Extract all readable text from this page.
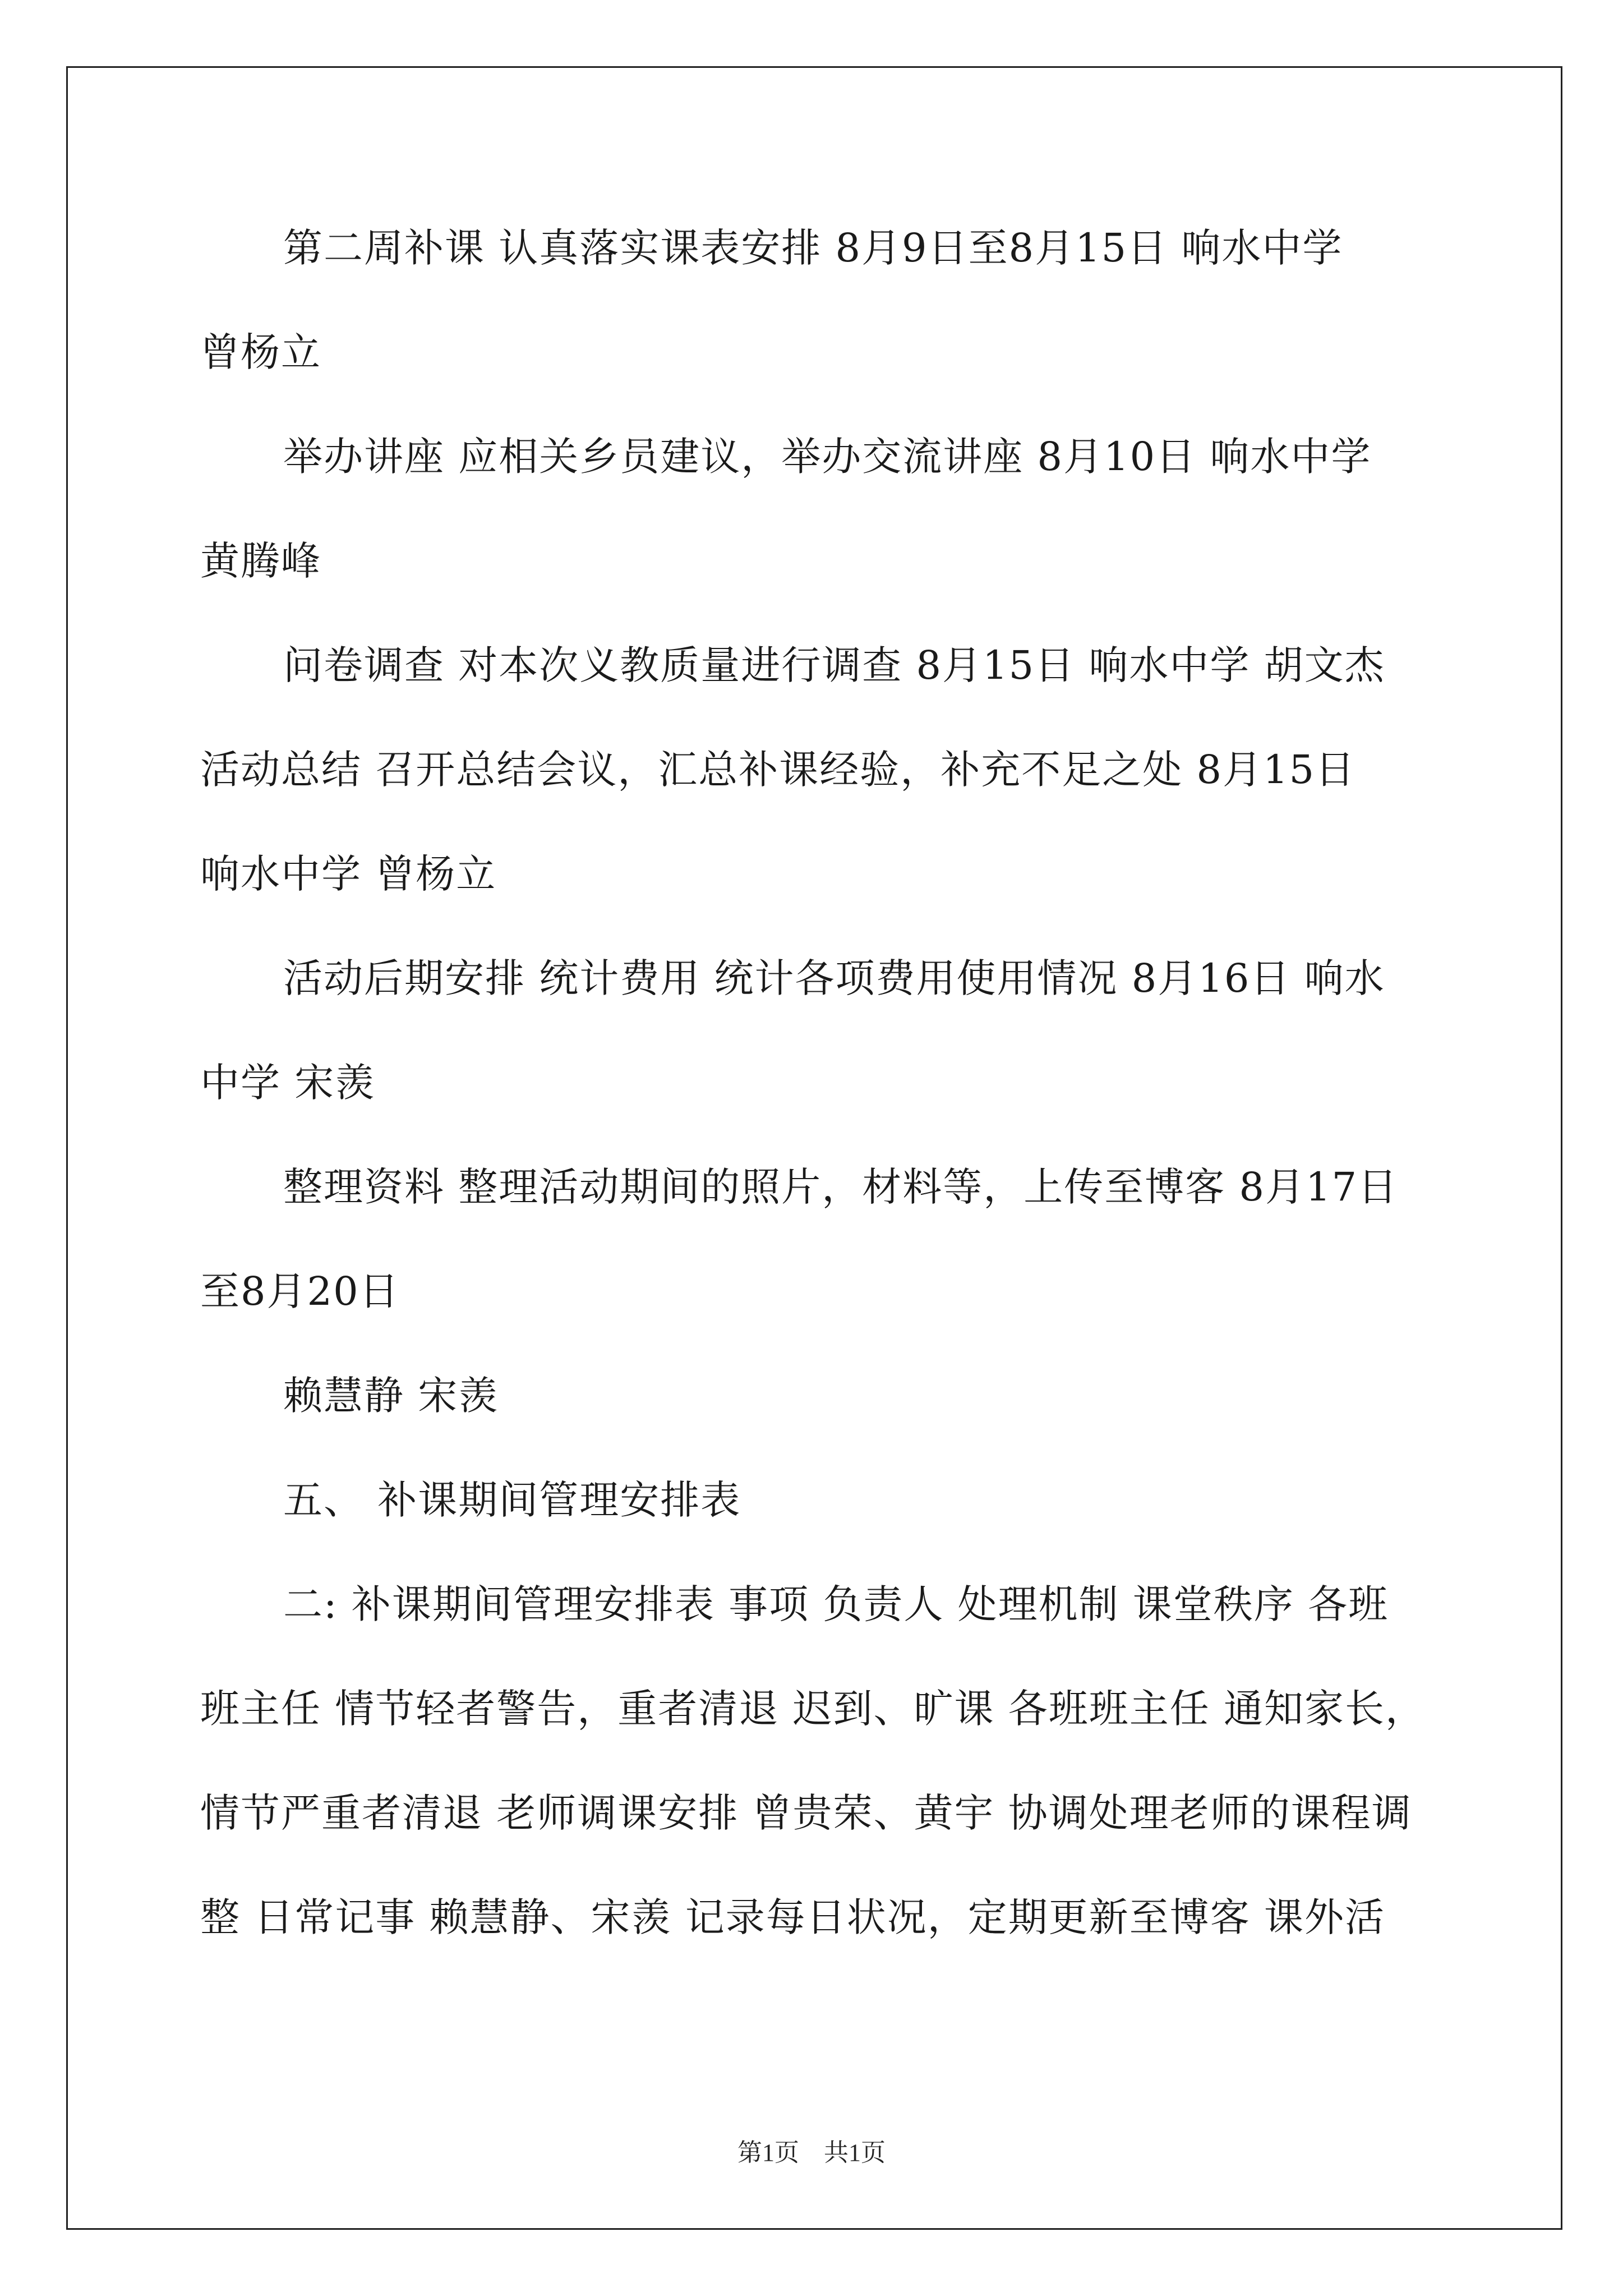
第二周补课 认真落实课表安排 8月9日至8月15日 响水中学
曾杨立
举办讲座 应相关乡员建议，举办交流讲座 8月10日 响水中学
黄腾峰
问卷调查 对本次义教质量进行调查 8月15日 响水中学 胡文杰
活动总结 召开总结会议，汇总补课经验，补充不足之处 8月15日
响水中学 曾杨立
活动后期安排 统计费用 统计各项费用使用情况 8月16日 响水
中学 宋羡
整理资料 整理活动期间的照片，材料等，上传至博客 8月17日
至8月20日
赖慧静 宋羡
五、 补课期间管理安排表
二: 补课期间管理安排表 事项 负责人 处理机制 课堂秩序 各班
班主任 情节轻者警告，重者清退 迟到、旷课 各班班主任 通知家长，
情节严重者清退 老师调课安排 曾贵荣、黄宇 协调处理老师的课程调
整 日常记事 赖慧静、宋羡 记录每日状况，定期更新至博客 课外活
第1页　共1页
